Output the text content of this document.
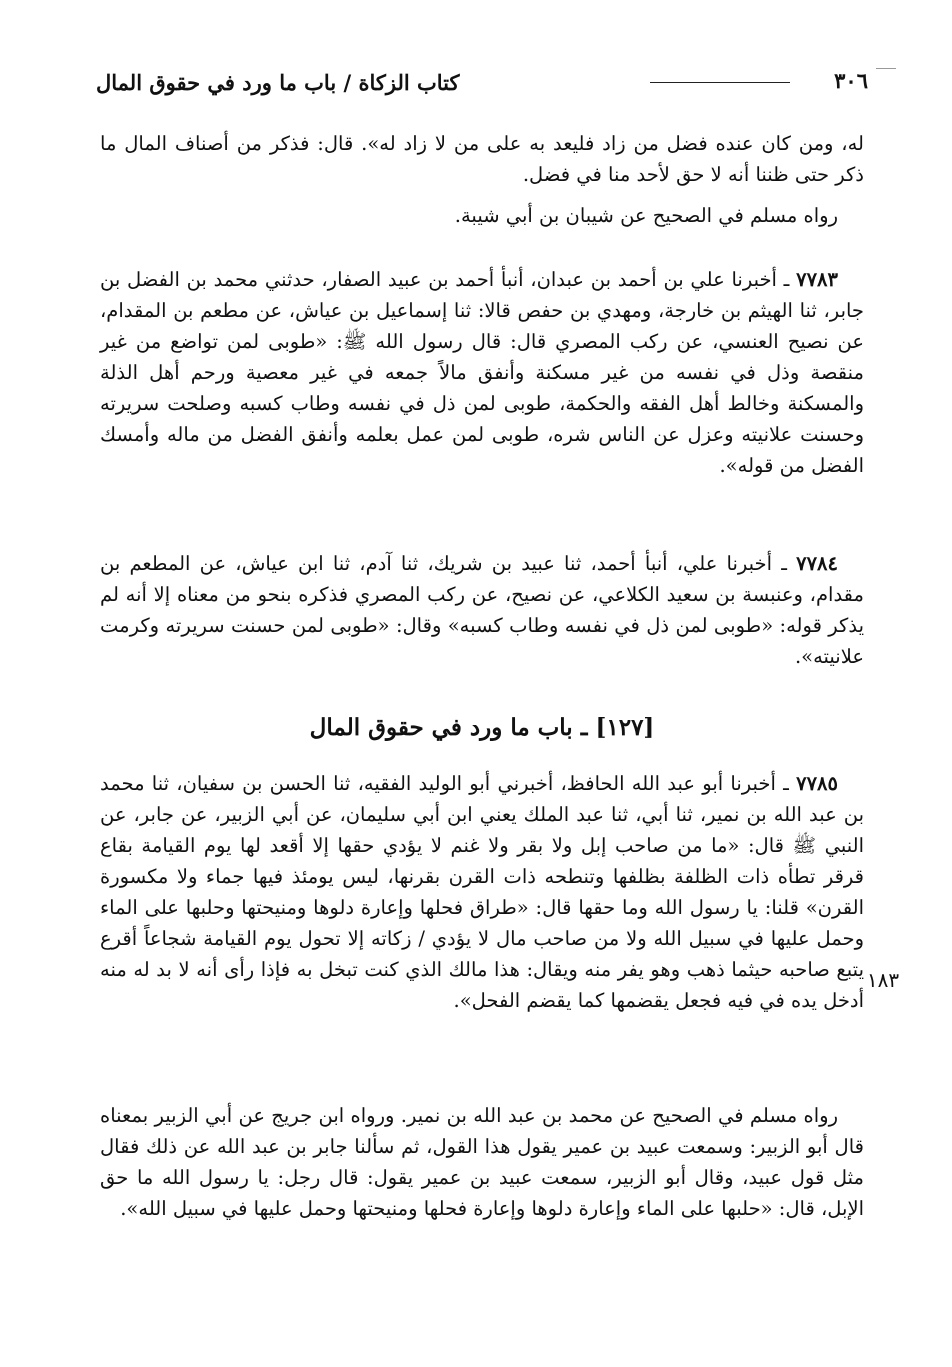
٣٠٦
كتاب الزكاة / باب ما ورد في حقوق المال

له، ومن كان عنده فضل من زاد فليعد به على من لا زاد له». قال: فذكر من أصناف المال ما ذكر حتى ظننا أنه لا حق لأحد منا في فضل.

رواه مسلم في الصحيح عن شيبان بن أبي شيبة.

٧٧٨٣ ـ أخبرنا علي بن أحمد بن عبدان، أنبأ أحمد بن عبيد الصفار، حدثني محمد بن الفضل بن جابر، ثنا الهيثم بن خارجة، ومهدي بن حفص قالا: ثنا إسماعيل بن عياش، عن مطعم بن المقدام، عن نصيح العنسي، عن ركب المصري قال: قال رسول الله ﷺ: «طوبى لمن تواضع من غير منقصة وذل في نفسه من غير مسكنة وأنفق مالاً جمعه في غير معصية ورحم أهل الذلة والمسكنة وخالط أهل الفقه والحكمة، طوبى لمن ذل في نفسه وطاب كسبه وصلحت سريرته وحسنت علانيته وعزل عن الناس شره، طوبى لمن عمل بعلمه وأنفق الفضل من ماله وأمسك الفضل من قوله».

٧٧٨٤ ـ أخبرنا علي، أنبأ أحمد، ثنا عبيد بن شريك، ثنا آدم، ثنا ابن عياش، عن المطعم بن مقدام، وعنبسة بن سعيد الكلاعي، عن نصيح، عن ركب المصري فذكره بنحو من معناه إلا أنه لم يذكر قوله: «طوبى لمن ذل في نفسه وطاب كسبه» وقال: «طوبى لمن حسنت سريرته وكرمت علانيته».

[١٢٧] ـ باب ما ورد في حقوق المال

٧٧٨٥ ـ أخبرنا أبو عبد الله الحافظ، أخبرني أبو الوليد الفقيه، ثنا الحسن بن سفيان، ثنا محمد بن عبد الله بن نمير، ثنا أبي، ثنا عبد الملك يعني ابن أبي سليمان، عن أبي الزبير، عن جابر، عن النبي ﷺ قال: «ما من صاحب إبل ولا بقر ولا غنم لا يؤدي حقها إلا أقعد لها يوم القيامة بقاع قرقر تطأه ذات الظلفة بظلفها وتنطحه ذات القرن بقرنها، ليس يومئذ فيها جماء ولا مكسورة القرن» قلنا: يا رسول الله وما حقها قال: «طراق فحلها وإعارة دلوها ومنيحتها وحلبها على الماء وحمل عليها في سبيل الله ولا من صاحب مال لا يؤدي / زكاته إلا تحول يوم القيامة شجاعاً أقرع يتبع صاحبه حيثما ذهب وهو يفر منه ويقال: هذا مالك الذي كنت تبخل به فإذا رأى أنه لا بد له منه أدخل يده في فيه فجعل يقضمها كما يقضم الفحل».

١٨٣

رواه مسلم في الصحيح عن محمد بن عبد الله بن نمير. ورواه ابن جريج عن أبي الزبير بمعناه قال أبو الزبير: وسمعت عبيد بن عمير يقول هذا القول، ثم سألنا جابر بن عبد الله عن ذلك فقال مثل قول عبيد، وقال أبو الزبير، سمعت عبيد بن عمير يقول: قال رجل: يا رسول الله ما حق الإبل، قال: «حلبها على الماء وإعارة دلوها وإعارة فحلها ومنيحتها وحمل عليها في سبيل الله».
